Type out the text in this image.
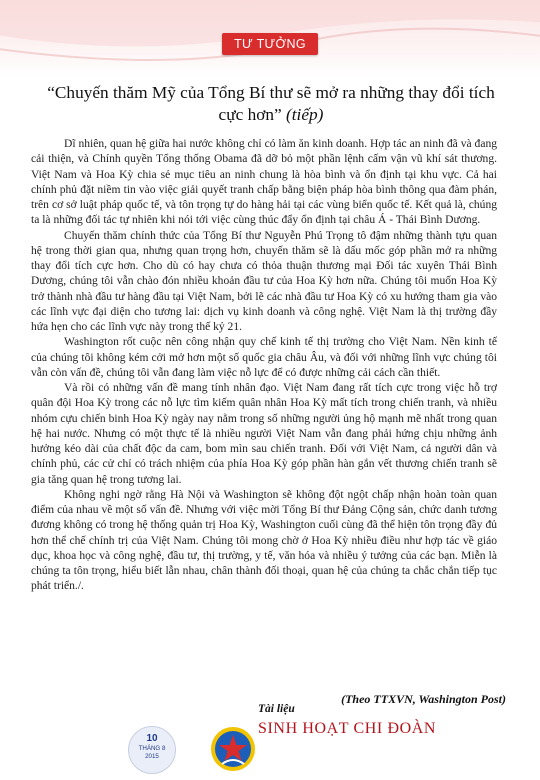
TƯ TƯỞNG
“Chuyến thăm Mỹ của Tổng Bí thư sẽ mở ra những thay đổi tích cực hơn” (tiếp)

Dĩ nhiên, quan hệ giữa hai nước không chỉ có làm ăn kinh doanh. Hợp tác an ninh đã và đang cải thiện, và Chính quyền Tổng thống Obama đã dỡ bỏ một phần lệnh cấm vận vũ khí sát thương. Việt Nam và Hoa Kỳ chia sẻ mục tiêu an ninh chung là hòa bình và ổn định tại khu vực. Cả hai chính phủ đặt niềm tin vào việc giải quyết tranh chấp bằng biện pháp hòa bình thông qua đàm phán, trên cơ sở luật pháp quốc tế, và tôn trọng tự do hàng hải tại các vùng biển quốc tế. Kết quả là, chúng ta là những đối tác tự nhiên khi nói tới việc cùng thúc đẩy ổn định tại châu Á - Thái Bình Dương.

Chuyến thăm chính thức của Tổng Bí thư Nguyễn Phú Trọng tô đậm những thành tựu quan hệ trong thời gian qua, nhưng quan trọng hơn, chuyến thăm sẽ là dấu mốc góp phần mở ra những thay đổi tích cực hơn. Cho dù có hay chưa có thỏa thuận thương mại Đối tác xuyên Thái Bình Dương, chúng tôi vẫn chào đón nhiều khoản đầu tư của Hoa Kỳ hơn nữa. Chúng tôi muốn Hoa Kỳ trở thành nhà đầu tư hàng đầu tại Việt Nam, bởi lẽ các nhà đầu tư Hoa Kỳ có xu hướng tham gia vào các lĩnh vực đại diện cho tương lai: dịch vụ kinh doanh và công nghệ. Việt Nam là thị trường đầy hứa hẹn cho các lĩnh vực này trong thế kỷ 21.

Washington rốt cuộc nên công nhận quy chế kinh tế thị trường cho Việt Nam. Nền kinh tế của chúng tôi không kém cởi mở hơn một số quốc gia châu Âu, và đối với những lĩnh vực chúng tôi vẫn còn vấn đề, chúng tôi vẫn đang làm việc nỗ lực để có được những cải cách cần thiết.

Và rồi có những vấn đề mang tính nhân đạo. Việt Nam đang rất tích cực trong việc hỗ trợ quân đội Hoa Kỳ trong các nỗ lực tìm kiếm quân nhân Hoa Kỳ mất tích trong chiến tranh, và nhiều nhóm cựu chiến binh Hoa Kỳ ngày nay nằm trong số những người ủng hộ mạnh mẽ nhất trong quan hệ hai nước. Nhưng có một thực tế là nhiều người Việt Nam vẫn đang phải hứng chịu những ảnh hưởng kéo dài của chất độc da cam, bom mìn sau chiến tranh. Đối với Việt Nam, cả người dân và chính phủ, các cử chỉ có trách nhiệm của phía Hoa Kỳ góp phần hàn gắn vết thương chiến tranh sẽ gia tăng quan hệ trong tương lai.

Không nghi ngờ rằng Hà Nội và Washington sẽ không đột ngột chấp nhận hoàn toàn quan điểm của nhau về một số vấn đề. Nhưng với việc mời Tổng Bí thư Đảng Cộng sản, chức danh tương đương không có trong hệ thống quản trị Hoa Kỳ, Washington cuối cùng đã thể hiện tôn trọng đầy đủ hơn thể chế chính trị của Việt Nam. Chúng tôi mong chờ ở Hoa Kỳ nhiều điều như hợp tác về giáo dục, khoa học và công nghệ, đầu tư, thị trường, y tế, văn hóa và nhiều ý tưởng của các bạn. Miễn là chúng ta tôn trọng, hiểu biết lẫn nhau, chân thành đối thoại, quan hệ của chúng ta chắc chắn tiếp tục phát triển./.

(Theo TTXVN, Washington Post)
10
THÁNG 8
2015
Tài liệu
SINH HOẠT CHI ĐOÀN
